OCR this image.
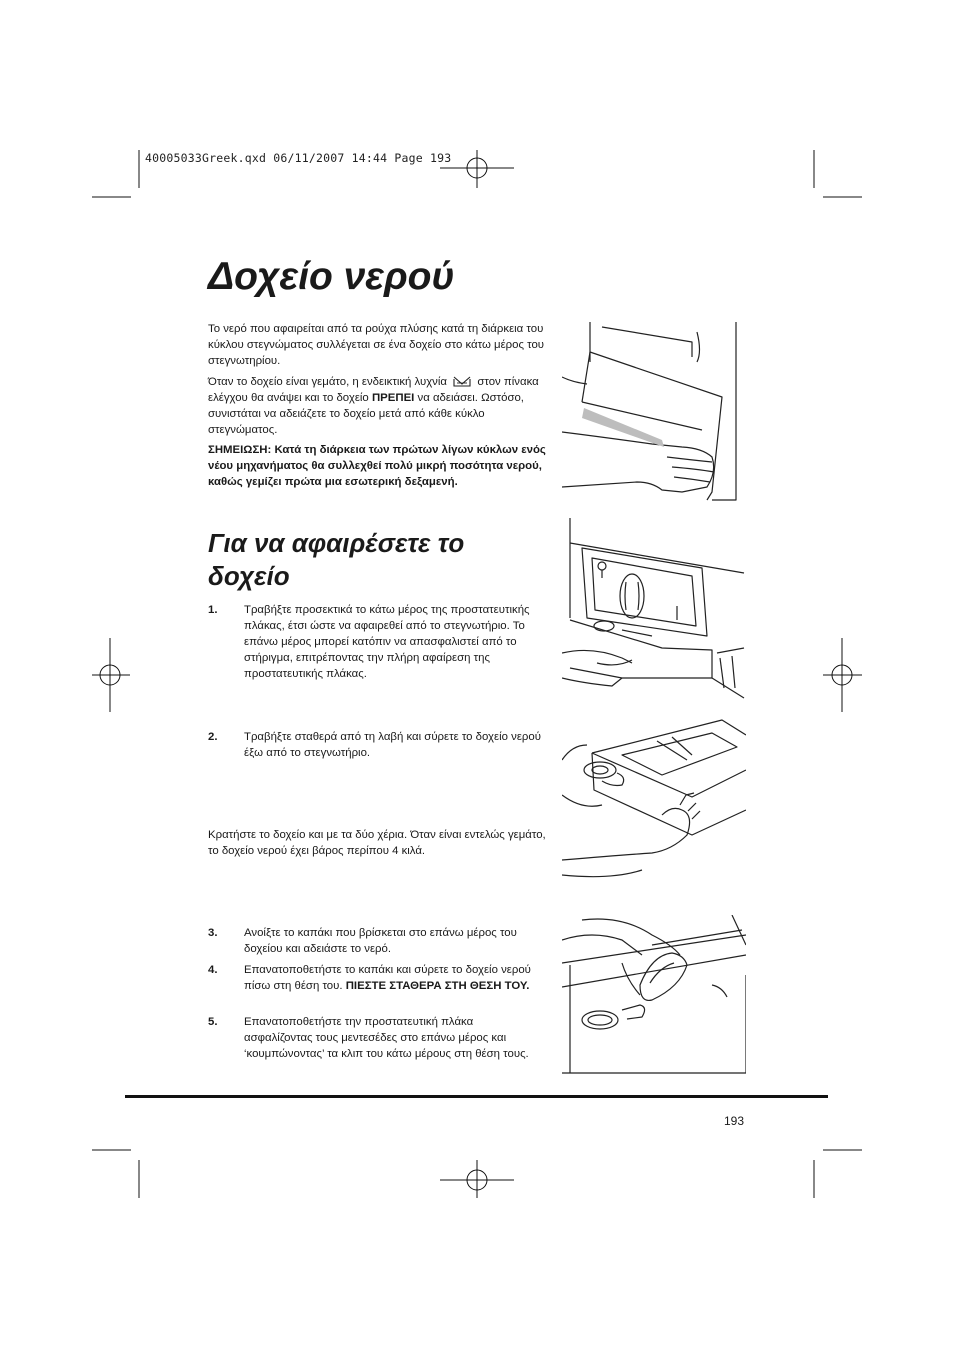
40005033Greek.qxd 06/11/2007 14:44 Page 193
Δοχείο νερού

Το νερό που αφαιρείται από τα ρούχα πλύσης κατά τη διάρκεια του κύκλου στεγνώματος συλλέγεται σε ένα δοχείο στο κάτω μέρος του στεγνωτηρίου.

Όταν το δοχείο είναι γεμάτο, η ενδεικτική λυχνία	στον πίνακα ελέγχου θα ανάψει και το δοχείο ΠΡΕΠΕΙ να αδειάσει. Ωστόσο, συνιστάται να αδειάζετε το δοχείο μετά από κάθε κύκλο στεγνώματος.

ΣΗΜΕΙΩΣΗ: Κατά τη διάρκεια των πρώτων λίγων κύκλων ενός νέου μηχανήματος θα συλλεχθεί πολύ μικρή ποσότητα νερού, καθώς γεμίζει πρώτα μια εσωτερική δεξαμενή.

Για να αφαιρέσετε το δοχείο
1. Τραβήξτε προσεκτικά το κάτω μέρος της προστατευτικής πλάκας, έτσι ώστε να αφαιρεθεί από το στεγνωτήριο. Το επάνω μέρος μπορεί κατόπιν να απασφαλιστεί από το στήριγμα, επιτρέποντας την πλήρη αφαίρεση της προστατευτικής πλάκας.
2. Τραβήξτε σταθερά από τη λαβή και σύρετε το δοχείο νερού έξω από το στεγνωτήριο.

Κρατήστε το δοχείο και με τα δύο χέρια. Όταν είναι εντελώς γεμάτο, το δοχείο νερού έχει βάρος περίπου 4 κιλά.

3. Ανοίξτε το καπάκι που βρίσκεται στο επάνω μέρος του δοχείου και αδειάστε το νερό.
4. Επανατοποθετήστε το καπάκι και σύρετε το δοχείο νερού πίσω στη θέση του. ΠΙΕΣΤΕ ΣΤΑΘΕΡΑ ΣΤΗ ΘΕΣΗ ΤΟΥ.
5. Επανατοποθετήστε την προστατευτική πλάκα ασφαλίζοντας τους μεντεσέδες στο επάνω μέρος και ‘κουμπώνοντας’ τα κλιπ του κάτω μέρους στη θέση τους.
193
